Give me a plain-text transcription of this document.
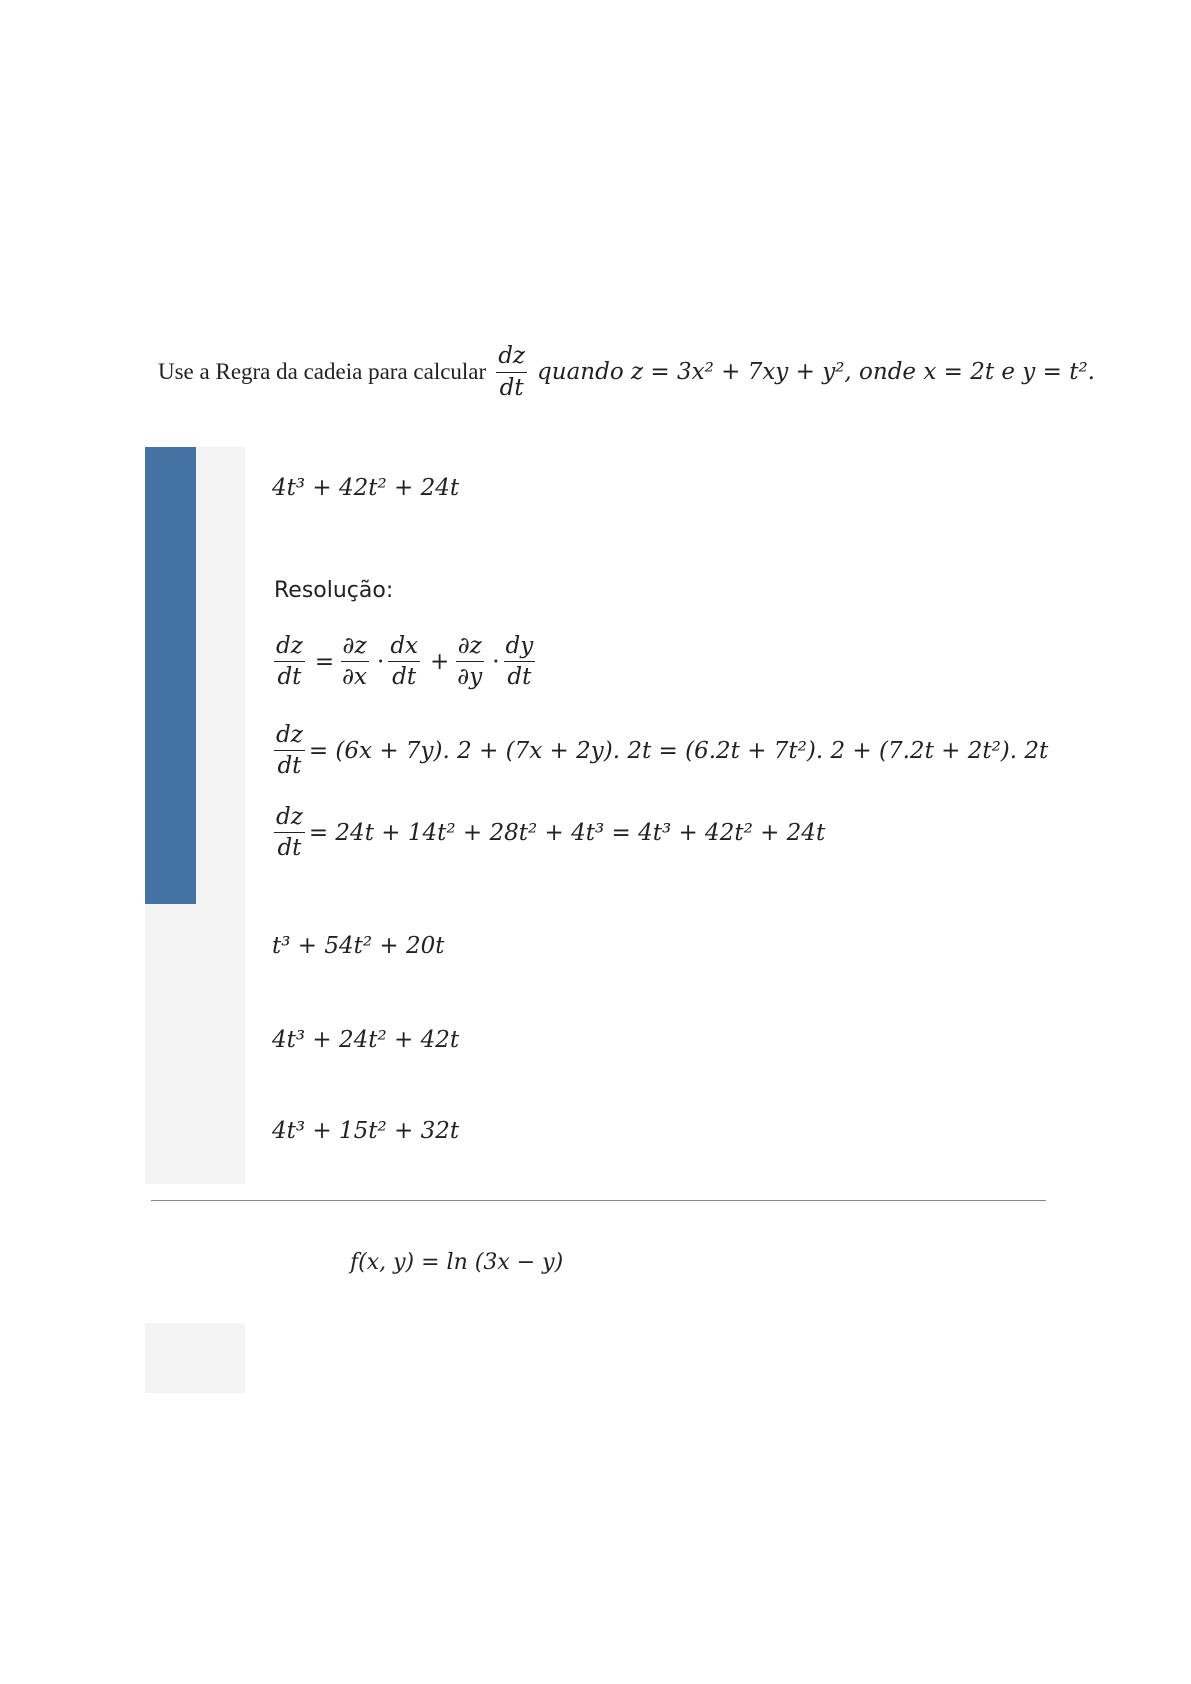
Use a Regra da cadeia para calcular $\frac{dz}{dt}$ quando z = 3x² + 7xy + y², onde x = 2t e y = t².
4t³ + 42t² + 24t
Resolução:
$\frac{dz}{dt} = \frac{\partial z}{\partial x} \cdot \frac{dx}{dt} + \frac{\partial z}{\partial y} \cdot \frac{dy}{dt}$
$\frac{dz}{dt} = (6x + 7y)$. 2 + (7x + 2y). 2t = (6.2t + 7t²). 2 + (7.2t + 2t²). 2t
$\frac{dz}{dt} = 24t + 14t^2 + 28t^2 + 4t^3 = 4t^3 + 42t^2 + 24t$
t³ + 54t² + 20t
4t³ + 24t² + 42t
4t³ + 15t² + 32t
f(x, y) = ln (3x − y)
